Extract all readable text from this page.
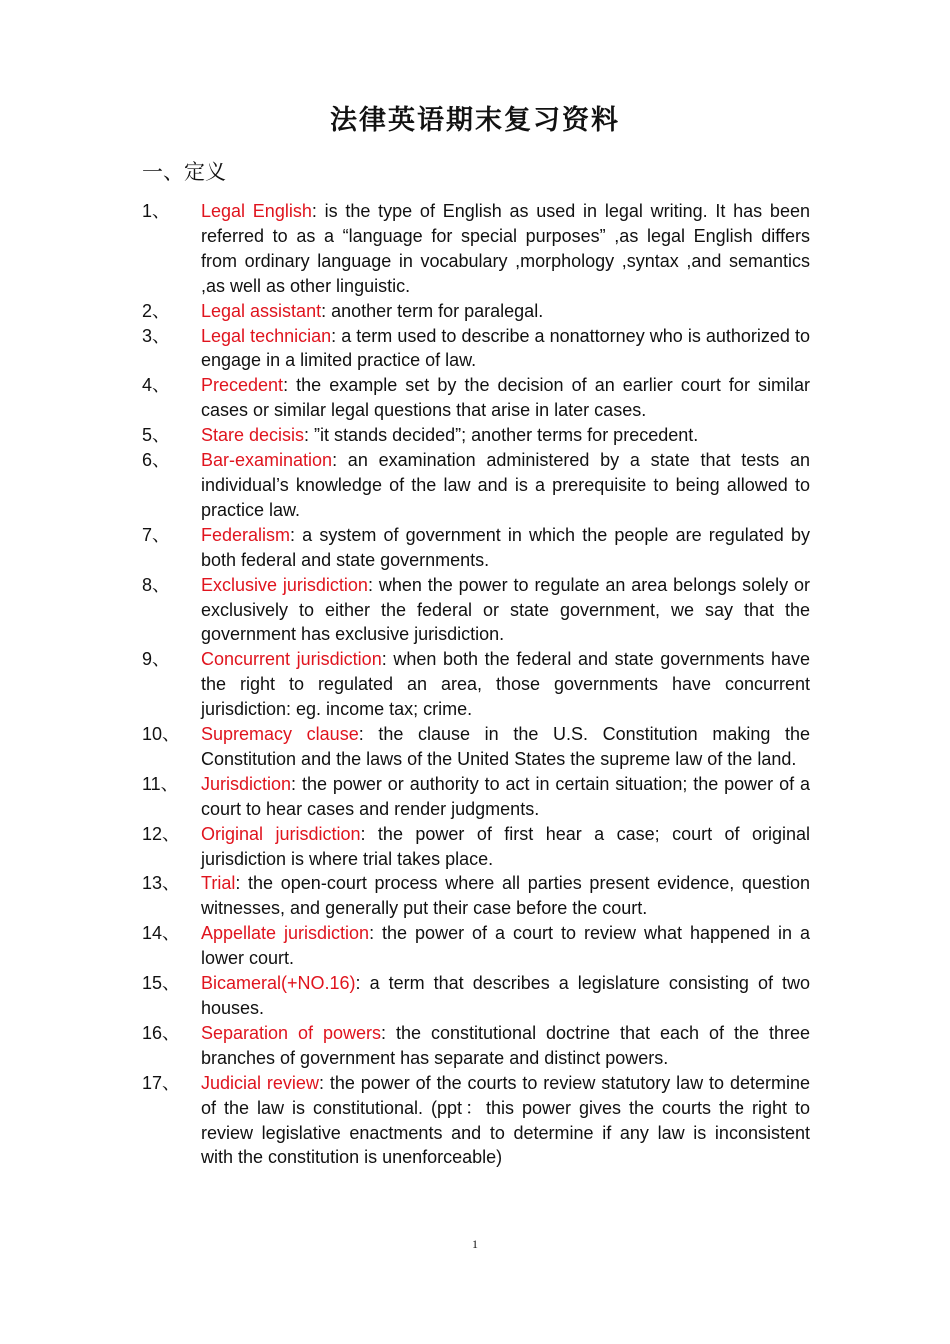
法律英语期末复习资料
一、定义
1、	Legal English: is the type of English as used in legal writing. It has been referred to as a “language for special purposes” ,as legal English differs from ordinary language in vocabulary ,morphology ,syntax ,and semantics ,as well as other linguistic.
2、	Legal assistant: another term for paralegal.
3、	Legal technician: a term used to describe a nonattorney who is authorized to engage in a limited practice of law.
4、	Precedent: the example set by the decision of an earlier court for similar cases or similar legal questions that arise in later cases.
5、	Stare decisis: ”it stands decided”; another terms for precedent.
6、	Bar-examination: an examination administered by a state that tests an individual’s knowledge of the law and is a prerequisite to being allowed to practice law.
7、	Federalism: a system of government in which the people are regulated by both federal and state governments.
8、	Exclusive jurisdiction: when the power to regulate an area belongs solely or exclusively to either the federal or state government, we say that the government has exclusive jurisdiction.
9、	Concurrent jurisdiction: when both the federal and state governments have the right to regulated an area, those governments have concurrent jurisdiction: eg. income tax; crime.
10、	Supremacy clause: the clause in the U.S. Constitution making the Constitution and the laws of the United States the supreme law of the land.
11、	Jurisdiction: the power or authority to act in certain situation; the power of a court to hear cases and render judgments.
12、	Original jurisdiction: the power of first hear a case; court of original jurisdiction is where trial takes place.
13、	Trial: the open-court process where all parties present evidence, question witnesses, and generally put their case before the court.
14、	Appellate jurisdiction: the power of a court to review what happened in a lower court.
15、	Bicameral(+NO.16): a term that describes a legislature consisting of two houses.
16、	Separation of powers: the constitutional doctrine that each of the three branches of government has separate and distinct powers.
17、	Judicial review: the power of the courts to review statutory law to determine of the law is constitutional. (ppt：this power gives the courts the right to review legislative enactments and to determine if any law is inconsistent with the constitution is unenforceable)
1
